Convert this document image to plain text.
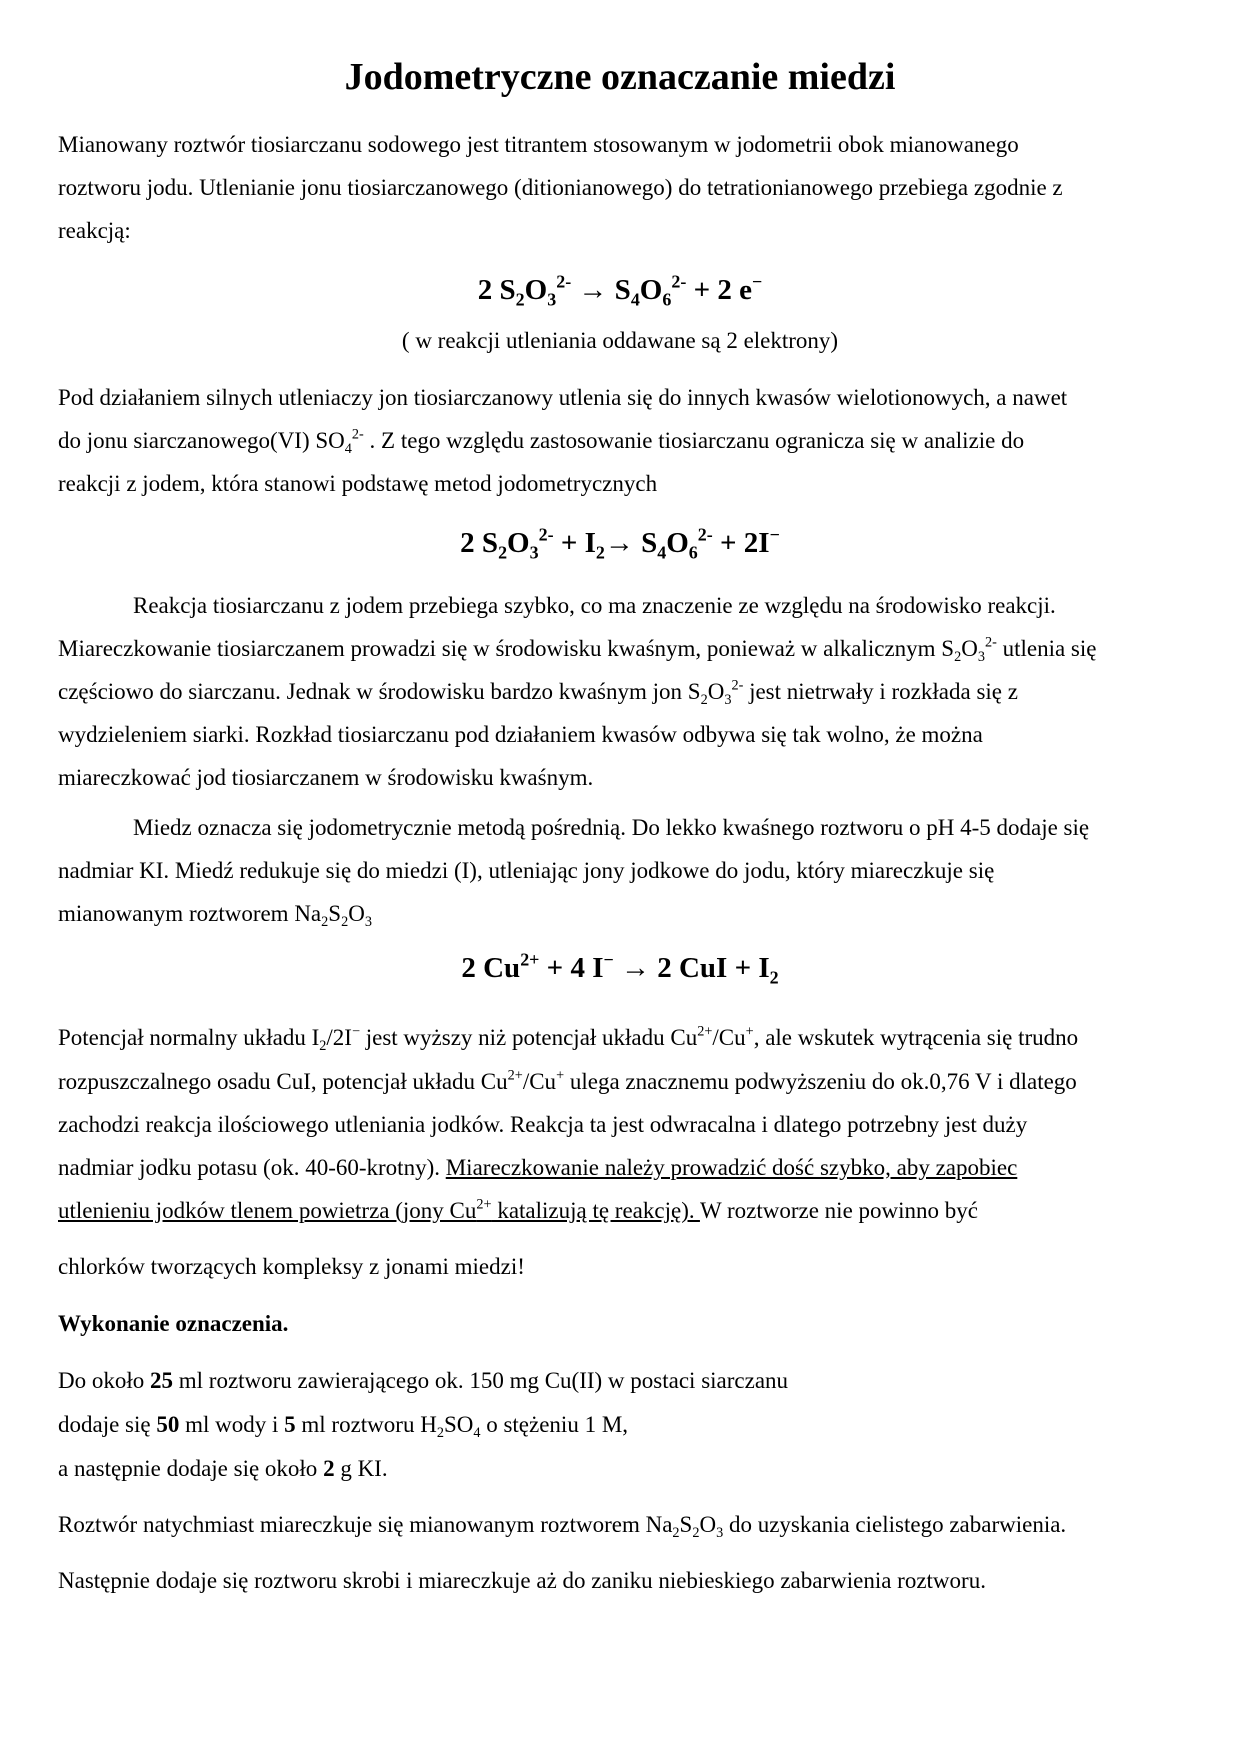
Jodometryczne oznaczanie miedzi
Mianowany roztwór tiosiarczanu sodowego jest titrantem stosowanym w jodometrii obok mianowanego
roztworu jodu. Utlenianie jonu tiosiarczanowego (ditionianowego) do tetrationianowego przebiega zgodnie z
reakcją:
2 $S_2O_3^{2-} \to S_4O_6^{2-} + 2$ e−
( w reakcji utleniania oddawane są 2 elektrony)
Pod działaniem silnych utleniaczy jon tiosiarczanowy utlenia się do innych kwasów wielotionowych, a nawet
do jonu siarczanowego(VI) $SO_4^{2-}$ . Z tego względu zastosowanie tiosiarczanu ogranicza się w analizie do
reakcji z jodem, która stanowi podstawę metod jodometrycznych
2 $S_2O_3^{2-} + I_2\to S_4O_6^{2-} + 2I^-$
Reakcja tiosiarczanu z jodem przebiega szybko, co ma znaczenie ze względu na środowisko reakcji.
Miareczkowanie tiosiarczanem prowadzi się w środowisku kwaśnym, ponieważ w alkalicznym $S_2O_3^{2-}$ utlenia się
częściowo do siarczanu. Jednak w środowisku bardzo kwaśnym jon $S_2O_3^{2-}$ jest nietrwały i rozkłada się z
wydzieleniem siarki. Rozkład tiosiarczanu pod działaniem kwasów odbywa się tak wolno, że można
miareczkować jod tiosiarczanem w środowisku kwaśnym.
Miedz oznacza się jodometrycznie metodą pośrednią. Do lekko kwaśnego roztworu o pH 4-5 dodaje się
nadmiar KI. Miedź redukuje się do miedzi (I), utleniając jony jodkowe do jodu, który miareczkuje się
mianowanym roztworem $Na_2S_2O_3$
2 $Cu^{2+} + 4$ I− → 2 CuI + $I_2$
Potencjał normalny układu $I_2/2I^-$ jest wyższy niż potencjał układu $Cu^{2+}/Cu^+$, ale wskutek wytrącenia się trudno
rozpuszczalnego osadu CuI, potencjał układu $Cu^{2+}/Cu^+$ ulega znacznemu podwyższeniu do ok.0,76 V i dlatego
zachodzi reakcja ilościowego utleniania jodków. Reakcja ta jest odwracalna i dlatego potrzebny jest duży
nadmiar jodku potasu (ok. 40-60-krotny). Miareczkowanie należy prowadzić dość szybko, aby zapobiec
utlenieniu jodków tlenem powietrza (jony $Cu^{2+}$ katalizują tę reakcję). W roztworze nie powinno być
chlorków tworzących kompleksy z jonami miedzi!
Wykonanie oznaczenia.
Do około 25 ml roztworu zawierającego ok. 150 mg Cu(II) w postaci siarczanu
dodaje się 50 ml wody i 5 ml roztworu $H_2SO_4$ o stężeniu 1 M,
a następnie dodaje się około 2 g KI.
Roztwór natychmiast miareczkuje się mianowanym roztworem $Na_2S_2O_3$ do uzyskania cielistego zabarwienia.
Następnie dodaje się roztworu skrobi i miareczkuje aż do zaniku niebieskiego zabarwienia roztworu.
